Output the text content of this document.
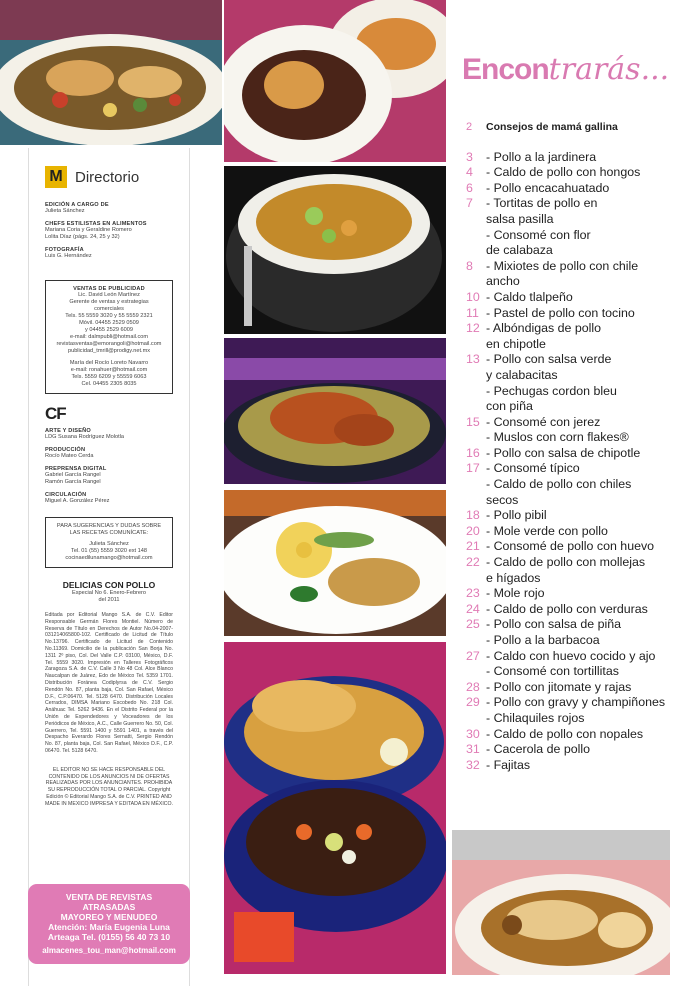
M Directorio
EDICIÓN A CARGO DE
Julieta Sánchez
CHEFS ESTILISTAS EN ALIMENTOS
Mariana Coria y Geraldine Romero
Lolita Díaz (págs. 24, 25 y 32)
FOTOGRAFÍA
Luis G. Hernández
VENTAS DE PUBLICIDAD
Lic. David León Martínez
Gerente de ventas y estrategias
comerciales
Tels. 55 5559 3020 y 55 5559 2321
Móvil. 04455 2529 0509
y 04455 2529 6009
e-mail: dalmpubli@hotmail.com
revistasventas@emorangoli@hotmail.com
publicidad_tmrill@prodigy.net.mx
María del Rocío Loreto Navarro
e-mail: ronahuer@hotmail.com
Tels. 5559 6209 y 55559 6063
Cel. 04455 2305 8035
CF
ARTE Y DISEÑO
LDG Susana Rodríguez Molotla
PRODUCCIÓN
Rocío Mateo Cerda
PREPRENSA DIGITAL
Gabriel García Rangel
Ramón García Rangel
CIRCULACIÓN
Miguel A. González Pérez
PARA SUGERENCIAS Y DUDAS SOBRE
LAS RECETAS COMUNÍCATE:
Julieta Sánchez
Tel. 01 (55) 5559 3020 ext 148
cocinaedilunamango@hotmail.com
DELICIAS CON POLLO
Especial No 6. Enero-Febrero
del 2011
Editada por Editorial Mango S.A. de C.V. Editor Responsable Germán Flores Montiel. Número de Reserva de Título en Derechos de Autor No.04-2007-031214065800-102. Certificado de Licitud de Título No.13796. Certificado de Licitud de Contenido No.11369. Domicilio de la publicación San Borja No. 1311 2º piso, Col. Del Valle C.P. 03100, México, D.F. Tel. 5559 3020. Impresión en Talleres Fotográficos Zaragoza S.A. de C.V. Calle 3 No 48 Col. Alce Blanco Naucalpan de Juárez, Edo de México Tel. 5359 1701. Distribución Foránea Codiplyrsa de C.V. Sergio Rendón No. 87, planta baja, Col. San Rafael, México D.F., C.P.06470. Tel. 5128 6470. Distribución Locales Cerrados, DIMSA Mariano Escobedo No. 218 Col. Anáhuac Tel. 5262 9436. En el Distrito Federal por la Unión de Expendedores y Voceadores de los Periódicos de México, A.C., Calle Guerrero No. 50, Col. Guerrero, Tel. 5591 1400 y 5591 1401, a través del Despacho Everardo Flores Sernatti, Sergio Rendón No. 87, planta baja, Col. San Rafael, México D.F., C.P. 06470. Tel. 5128 6470.
EL EDITOR NO SE HACE RESPONSABLE DEL CONTENIDO DE LOS ANUNCIOS NI DE OFERTAS REALIZADAS POR LOS ANUNCIANTES. PROHIBIDA SU REPRODUCCIÓN TOTAL O PARCIAL. Copyright Edición © Editorial Mango S.A. de C.V. PRINTED AND MADE IN MEXICO IMPRESA Y EDITADA EN MÉXICO.
VENTA DE REVISTAS
ATRASADAS
MAYOREO Y MENUDEO
Atención: María Eugenia Luna
Arteaga Tel. (0155) 56 40 73 10
almacenes_tou_man@hotmail.com
Encontrarás...
2	Consejos de mamá gallina
3	- Pollo a la jardinera
4	- Caldo de pollo con hongos
6	- Pollo encacahuatado
7	- Tortitas de pollo en
salsa pasilla
- Consomé con flor
de calabaza
8	- Mixiotes de pollo con chile
ancho
10 - Caldo tlalpeño
11 - Pastel de pollo con tocino
12 - Albóndigas de pollo
en chipotle
13 - Pollo con salsa verde
y calabacitas
- Pechugas cordon bleu
con piña
15 - Consomé con jerez
- Muslos con corn flakes®
16 - Pollo con salsa de chipotle
17 - Consomé típico
- Caldo de pollo con chiles
secos
18 - Pollo pibil
20 - Mole verde con pollo
21 - Consomé de pollo con huevo
22 - Caldo de pollo con mollejas
e hígados
23 - Mole rojo
24 - Caldo de pollo con verduras
25 - Pollo con salsa de piña
- Pollo a la barbacoa
27 - Caldo con huevo cocido y ajo
- Consomé con tortillitas
28 - Pollo con jitomate y rajas
29 - Pollo con gravy y champiñones
- Chilaquiles rojos
30 - Caldo de pollo con nopales
31 - Cacerola de pollo
32 - Fajitas
